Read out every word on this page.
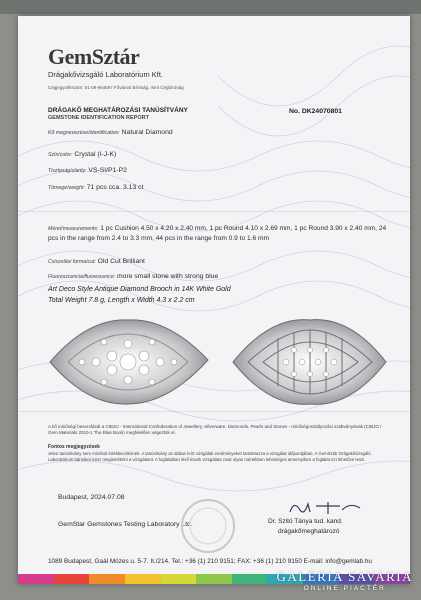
GemSztár
Drágakővizsgáló Laboratórium Kft.
Cégjegyzékszám: 01-09-964697 Fővárosi Bíróság, mint Cégbíróság
DRÁGAKŐ MEGHATÁROZÁSI TANÚSÍTVÁNY
GEMSTONE IDENTIFICATION REPORT
No. DK24070801
Kő megnevezése/identification: Natural Diamond
Szín/color: Crystal (I-J-K)
Tisztaság/clarity: VS-SI/P1-P2
Tömege/weight: 71 pcs cca. 3.13 ct
Méret/measurements: 1 pc Cushion 4.50 x 4.20 x 2.40 mm, 1 pc Round 4.10 x 2.69 mm, 1 pc Round 3.90 x 2.40 mm, 24 pcs in the range from 2.4 to 3.3 mm, 44 pcs in the range from 0.9 to 1.6 mm
Csiszolási forma/cut: Old Cut Brilliant
Fluoreszcencia/fluorescence: more small stone with strong blue
Art Deco Style Antique Diamond Brooch in 14K White Gold
Total Weight 7.8 g, Length x Width 4.3 x 2.2 cm
A kő minőségi besorolását a CIBJO - International Confederation of Jewellery, Silverware, Diamonds, Pearls and Stones - minőségosztályozási szabványának (CIBJO / Gem Materials 2010-1 The Blue Book) megfelelően végeztük el.
Fontos megjegyzések
Jelen tanúsítvány nem minősül értékbecslésnek. A tanúsítvány az abban leírt vizsgálati eredményeket tartalmazza a vizsgálat időpontjában. A GemSztár Drágakővizsgáló Laboratórium bármikor kész megismételni a vizsgálatot. A foglalatban lévő kövek vizsgálata csak olyan mértékben lehetséges amennyiben a foglalat ezt lehetővé teszi.
Budapest, 2024.07.08
GemStar Gemstones Testing Laboratory Ltd.	Dr. Szitó Tánya tud. kand.
drágakőmeghatározó
1089 Budapest, Gaál Mózes u. 5-7. II./214. Tel.: +36 (1) 210 9151; FAX: +36 (1) 210 9150 E-mail: info@gemlab.hu
GALÉRIA SAVARIA
ONLINE PIACTÉR
